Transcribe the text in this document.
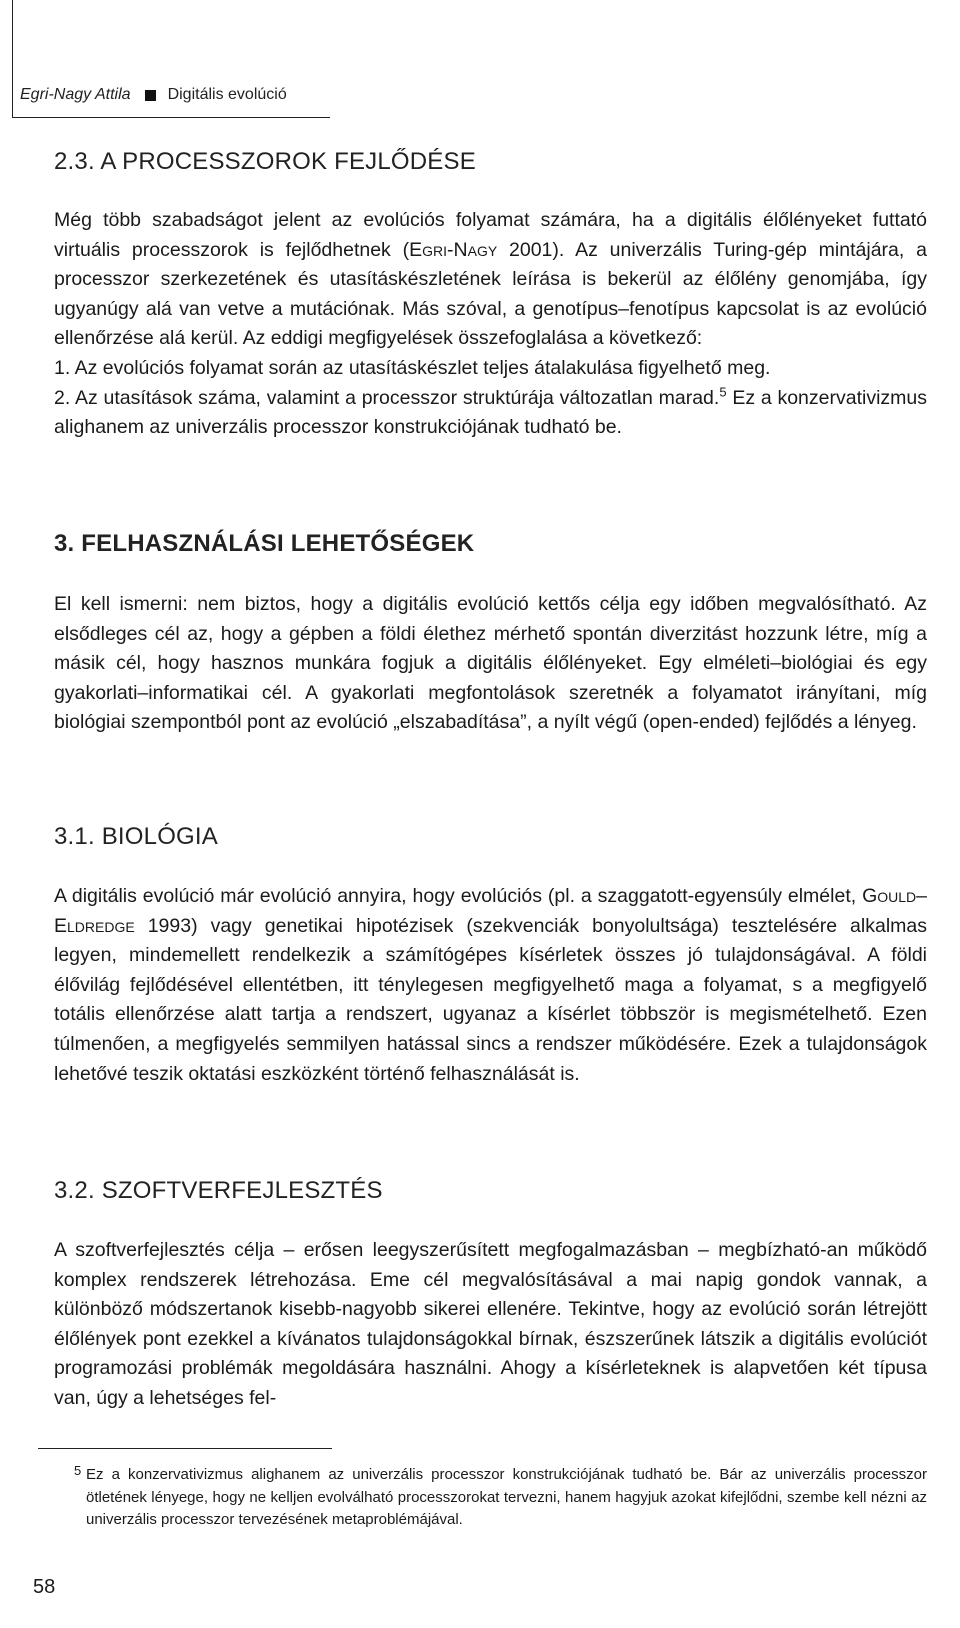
Egri-Nagy Attila Digitális evolúció
2.3. A PROCESSZOROK FEJLŐDÉSE

Még több szabadságot jelent az evolúciós folyamat számára, ha a digitális élőlényeket futtató virtuális processzorok is fejlődhetnek (Egri-Nagy 2001). Az univerzális Turing-gép mintájára, a processzor szerkezetének és utasításkészletének leírása is bekerül az élőlény genomjába, így ugyanúgy alá van vetve a mutációnak. Más szóval, a genotípus–fenotípus kapcsolat is az evolúció ellenőrzése alá kerül. Az eddigi megfigyelések összefoglalása a következő:

1. Az evolúciós folyamat során az utasításkészlet teljes átalakulása figyelhető meg.

2. Az utasítások száma, valamint a processzor struktúrája változatlan marad.$^5$ Ez a konzervativizmus alighanem az univerzális processzor konstrukciójának tudható be.

3. FELHASZNÁLÁSI LEHETŐSÉGEK

El kell ismerni: nem biztos, hogy a digitális evolúció kettős célja egy időben megvalósítható. Az elsődleges cél az, hogy a gépben a földi élethez mérhető spontán diverzitást hozzunk létre, míg a másik cél, hogy hasznos munkára fogjuk a digitális élőlényeket. Egy elméleti–biológiai és egy gyakorlati–informatikai cél. A gyakorlati megfontolások szeretnék a folyamatot irányítani, míg biológiai szempontból pont az evolúció „elszabadítása”, a nyílt végű (open-ended) fejlődés a lényeg.

3.1. BIOLÓGIA

A digitális evolúció már evolúció annyira, hogy evolúciós (pl. a szaggatott-egyensúly elmélet, Gould–Eldredge 1993) vagy genetikai hipotézisek (szekvenciák bonyolultsága) tesztelésére alkalmas legyen, mindemellett rendelkezik a számítógépes kísérletek összes jó tulajdonságával. A földi élővilág fejlődésével ellentétben, itt ténylegesen megfigyelhető maga a folyamat, s a megfigyelő totális ellenőrzése alatt tartja a rendszert, ugyanaz a kísérlet többször is megismételhető. Ezen túlmenően, a megfigyelés semmilyen hatással sincs a rendszer működésére. Ezek a tulajdonságok lehetővé teszik oktatási eszközként történő felhasználását is.

3.2. SZOFTVERFEJLESZTÉS

A szoftverfejlesztés célja – erősen leegyszerűsített megfogalmazásban – megbízható-an működő komplex rendszerek létrehozása. Eme cél megvalósításával a mai napig gondok vannak, a különböző módszertanok kisebb-nagyobb sikerei ellenére. Tekintve, hogy az evolúció során létrejött élőlények pont ezekkel a kívánatos tulajdonságokkal bírnak, észszerűnek látszik a digitális evolúciót programozási problémák megoldására használni. Ahogy a kísérleteknek is alapvetően két típusa van, úgy a lehetséges fel-

5 Ez a konzervativizmus alighanem az univerzális processzor konstrukciójának tudható be. Bár az univerzális processzor ötletének lényege, hogy ne kelljen evolválható processzorokat tervezni, hanem hagyjuk azokat kifejlődni, szembe kell nézni az univerzális processzor tervezésének metaproblémájával.
58
